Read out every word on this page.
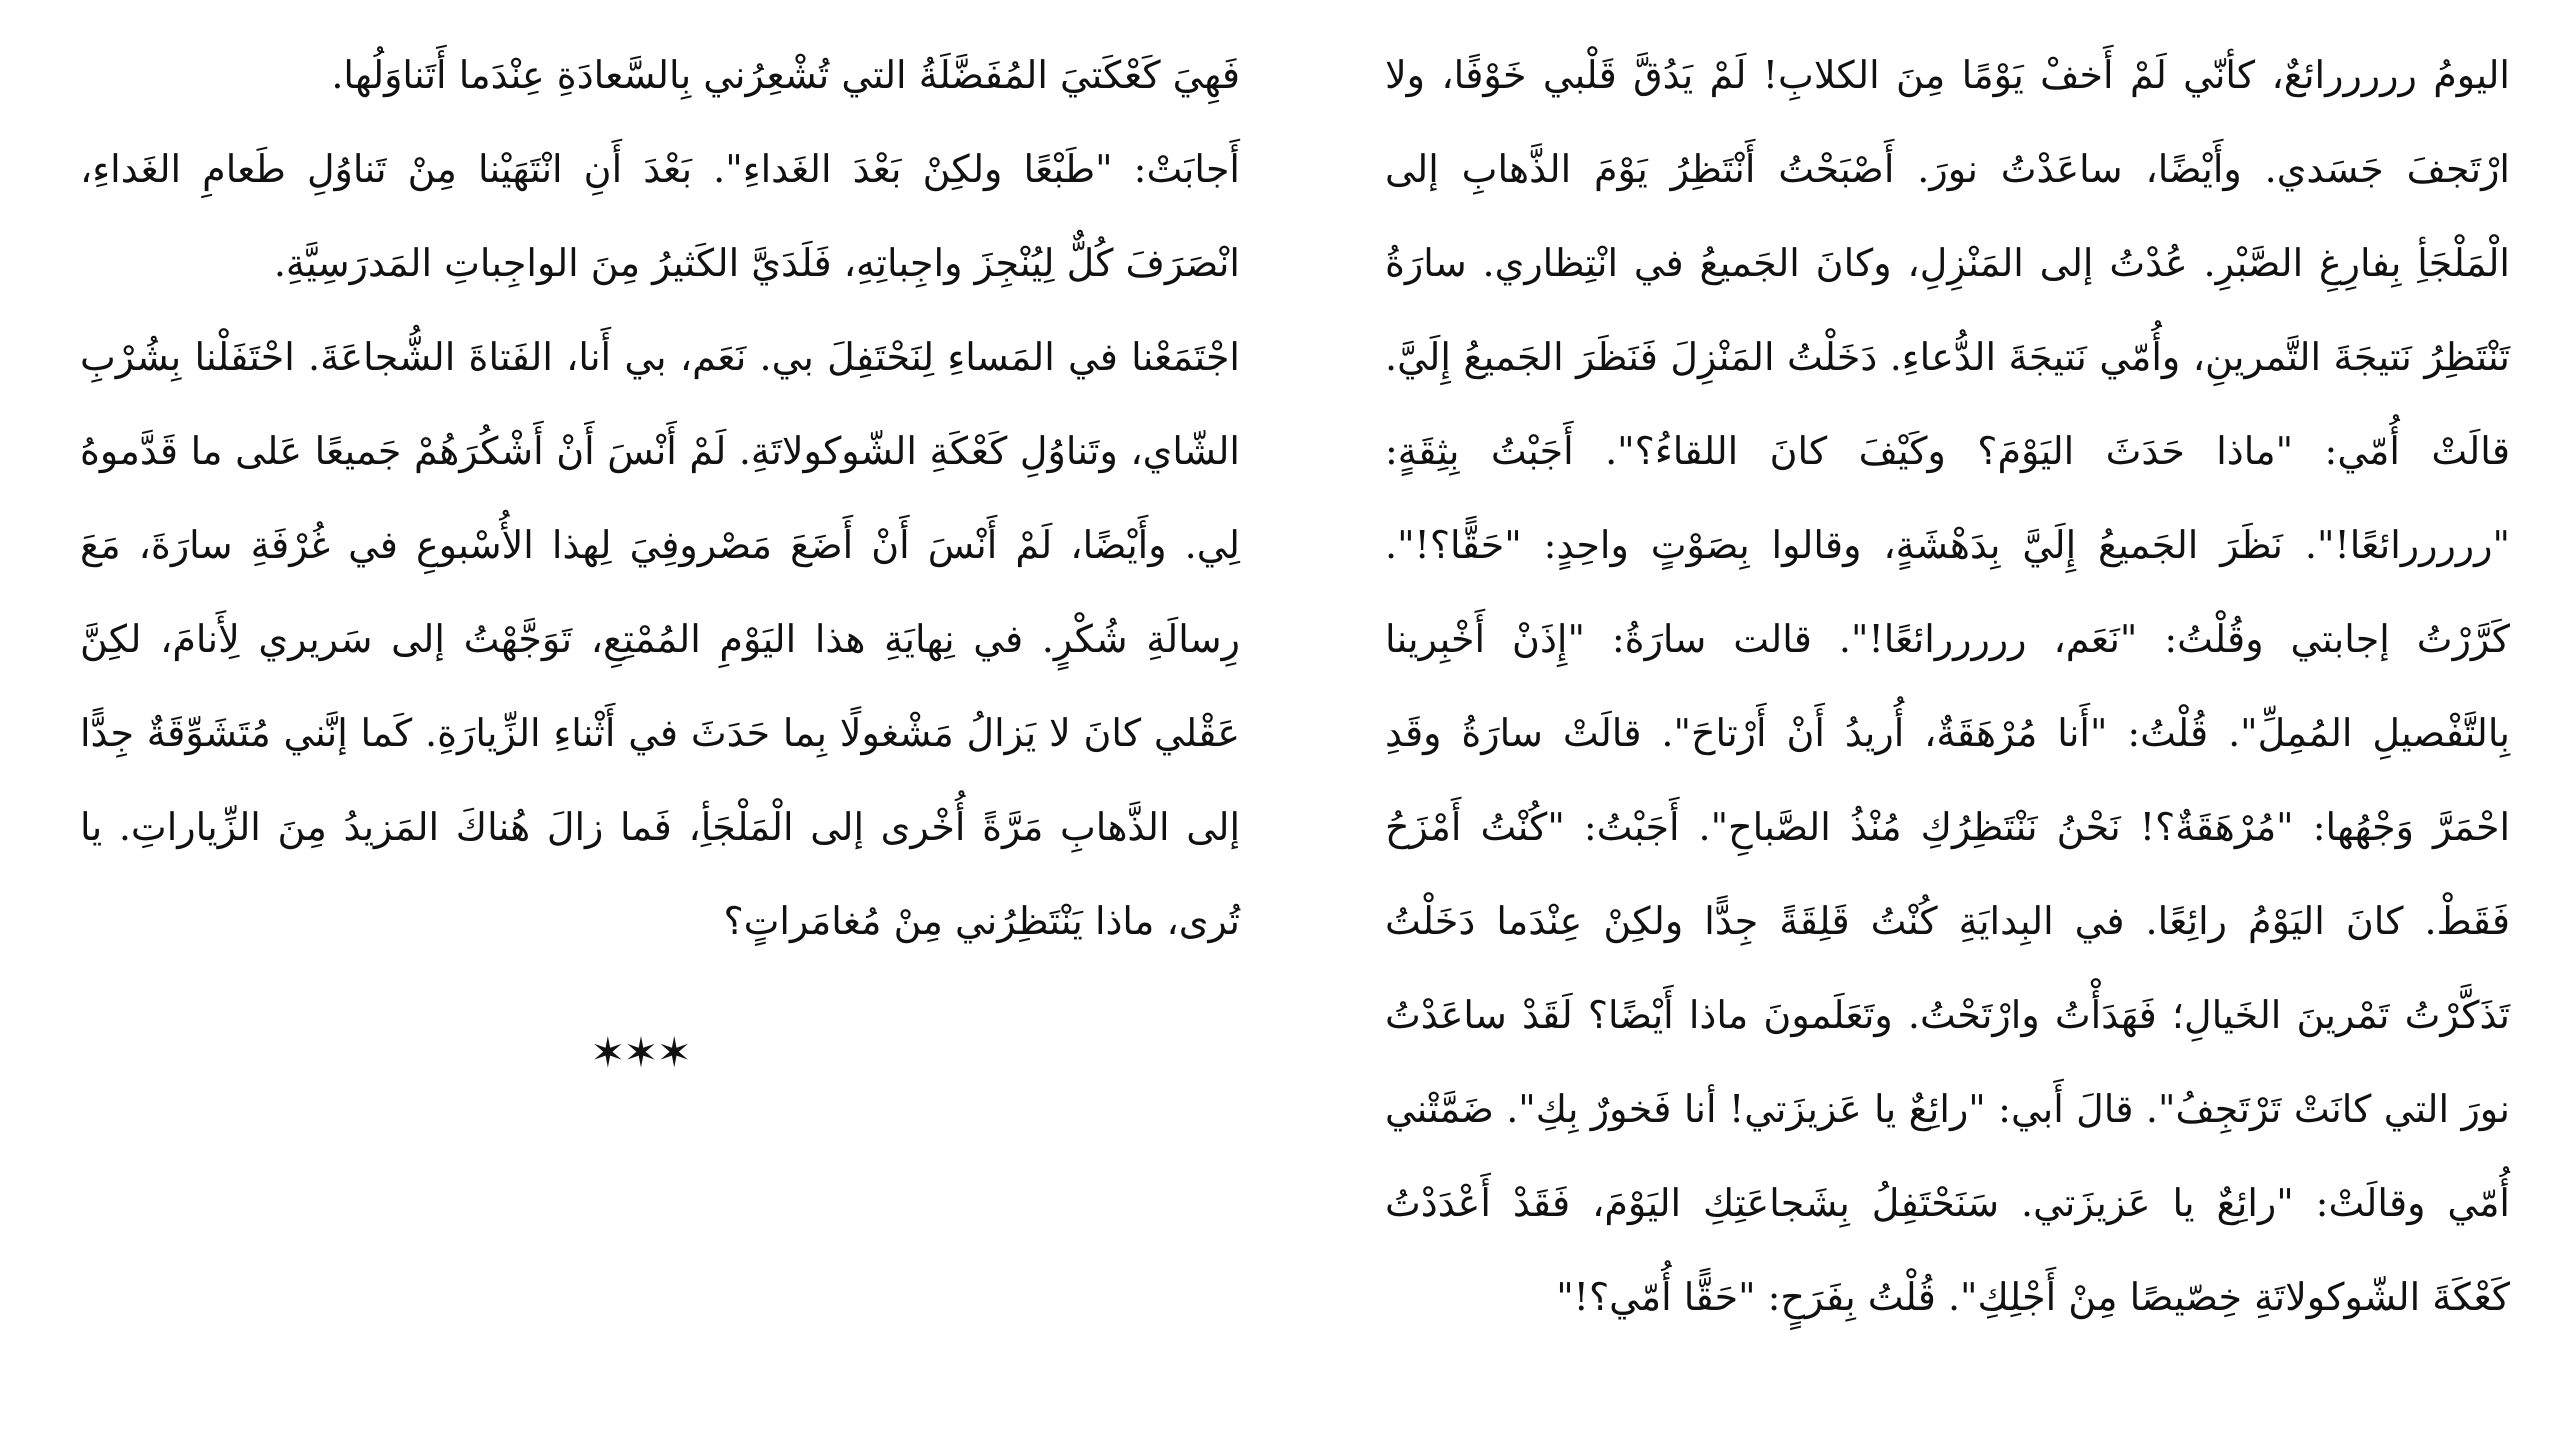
اليومُ رررررائعٌ، كأنّي لَمْ أَخفْ يَوْمًا مِنَ الكلابِ! لَمْ يَدُقَّ قَلْبي خَوْفًا، ولا ارْتَجفَ جَسَدي. وأَيْضًا، ساعَدْتُ نورَ. أَصْبَحْتُ أَنْتَظِرُ يَوْمَ الذَّهابِ إلى الْمَلْجَأِ بِفارِغِ الصَّبْرِ. عُدْتُ إلى المَنْزِلِ، وكانَ الجَميعُ في انْتِظاري. سارَةُ تَنْتَظِرُ نَتيجَةَ التَّمرينِ، وأُمّي نَتيجَةَ الدُّعاءِ. دَخَلْتُ المَنْزِلَ فَنَظَرَ الجَميعُ إِلَيَّ. قالَتْ أُمّي: "ماذا حَدَثَ اليَوْمَ؟ وكَيْفَ كانَ اللقاءُ؟". أَجَبْتُ بِثِقَةٍ: "رررررائعًا!". نَظَرَ الجَميعُ إِلَيَّ بِدَهْشَةٍ، وقالوا بِصَوْتٍ واحِدٍ: "حَقًّا؟!". كَرَّرْتُ إجابتي وقُلْتُ: "نَعَم، رررررائعًا!". قالت سارَةُ: "إِذَنْ أَخْبِرينا بِالتَّفْصيلِ المُمِلِّ". قُلْتُ: "أَنا مُرْهَقَةٌ، أُريدُ أَنْ أَرْتاحَ". قالَتْ سارَةُ وقَدِ احْمَرَّ وَجْهُها: "مُرْهَقَةٌ؟! نَحْنُ نَنْتَظِرُكِ مُنْذُ الصَّباحِ". أَجَبْتُ: "كُنْتُ أَمْزَحُ فَقَطْ. كانَ اليَوْمُ رائِعًا. في البِدايَةِ كُنْتُ قَلِقَةً جِدًّا ولكِنْ عِنْدَما دَخَلْتُ تَذَكَّرْتُ تَمْرينَ الخَيالِ؛ فَهَدَأْتُ وارْتَحْتُ. وتَعَلَمونَ ماذا أَيْضًا؟ لَقَدْ ساعَدْتُ نورَ التي كانَتْ تَرْتَجِفُ". قالَ أَبي: "رائِعٌ يا عَزيزَتي! أنا فَخورٌ بِكِ". ضَمَّتْني أُمّي وقالَتْ: "رائِعٌ يا عَزيزَتي. سَنَحْتَفِلُ بِشَجاعَتِكِ اليَوْمَ، فَقَدْ أَعْدَدْتُ كَعْكَةَ الشّوكولاتَةِ خِصّيصًا مِنْ أَجْلِكِ". قُلْتُ بِفَرَحٍ: "حَقًّا أُمّي؟!"

فَهِيَ كَعْكَتيَ المُفَضَّلَةُ التي تُشْعِرُني بِالسَّعادَةِ عِنْدَما أَتَناوَلُها.

أَجابَتْ: "طَبْعًا ولكِنْ بَعْدَ الغَداءِ". بَعْدَ أَنِ انْتَهَيْنا مِنْ تَناوُلِ طَعامِ الغَداءِ، انْصَرَفَ كُلٌّ لِيُنْجِزَ واجِباتِهِ، فَلَدَيَّ الكَثيرُ مِنَ الواجِباتِ المَدرَسِيَّةِ.

اجْتَمَعْنا في المَساءِ لِنَحْتَفِلَ بي. نَعَم، بي أَنا، الفَتاةَ الشُّجاعَةَ. احْتَفَلْنا بِشُرْبِ الشّاي، وتَناوُلِ كَعْكَةِ الشّوكولاتَةِ. لَمْ أَنْسَ أَنْ أَشْكُرَهُمْ جَميعًا عَلى ما قَدَّموهُ لِي. وأَيْضًا، لَمْ أَنْسَ أَنْ أَضَعَ مَصْروفِيَ لِهذا الأُسْبوعِ في غُرْفَةِ سارَةَ، مَعَ رِسالَةِ شُكْرٍ. في نِهايَةِ هذا اليَوْمِ المُمْتِعِ، تَوَجَّهْتُ إلى سَريري لِأَنامَ، لكِنَّ عَقْلي كانَ لا يَزالُ مَشْغولًا بِما حَدَثَ في أَثْناءِ الزِّيارَةِ. كَما إنَّني مُتَشَوِّقَةٌ جِدًّا إلى الذَّهابِ مَرَّةً أُخْرى إلى الْمَلْجَأِ، فَما زالَ هُناكَ المَزيدُ مِنَ الزِّياراتِ. يا تُرى، ماذا يَنْتَظِرُني مِنْ مُغامَراتٍ؟

✶✶✶
